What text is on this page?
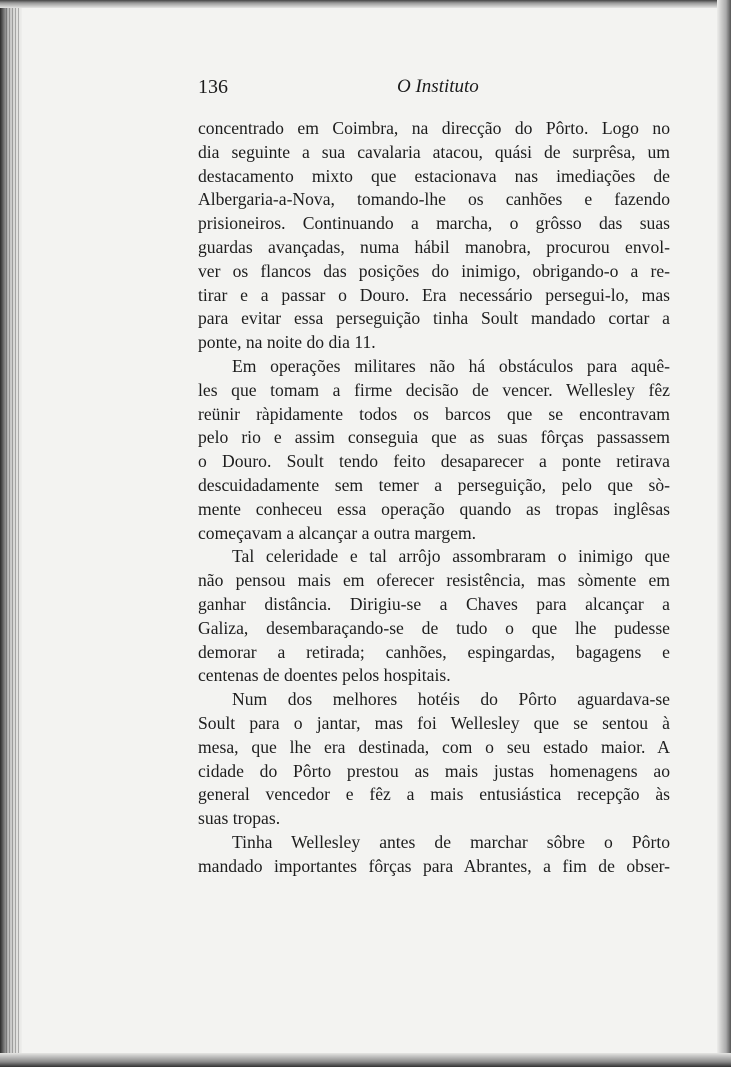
136	O Instituto
concentrado em Coimbra, na direcção do Pôrto. Logo no
dia seguinte a sua cavalaria atacou, quási de surprêsa, um
destacamento mixto que estacionava nas imediações de
Albergaria-a-Nova, tomando-lhe os canhões e fazendo
prisioneiros. Continuando a marcha, o grôsso das suas
guardas avançadas, numa hábil manobra, procurou envol-
ver os flancos das posições do inimigo, obrigando-o a re-
tirar e a passar o Douro. Era necessário persegui-lo, mas
para evitar essa perseguição tinha Soult mandado cortar a
ponte, na noite do dia 11.
Em operações militares não há obstáculos para aquê-
les que tomam a firme decisão de vencer. Wellesley fêz
reünir ràpidamente todos os barcos que se encontravam
pelo rio e assim conseguia que as suas fôrças passassem
o Douro. Soult tendo feito desaparecer a ponte retirava
descuidadamente sem temer a perseguição, pelo que sò-
mente conheceu essa operação quando as tropas inglêsas
começavam a alcançar a outra margem.
Tal celeridade e tal arrôjo assombraram o inimigo que
não pensou mais em oferecer resistência, mas sòmente em
ganhar distância. Dirigiu-se a Chaves para alcançar a
Galiza, desembaraçando-se de tudo o que lhe pudesse
demorar a retirada; canhões, espingardas, bagagens e
centenas de doentes pelos hospitais.
Num dos melhores hotéis do Pôrto aguardava-se
Soult para o jantar, mas foi Wellesley que se sentou à
mesa, que lhe era destinada, com o seu estado maior. A
cidade do Pôrto prestou as mais justas homenagens ao
general vencedor e fêz a mais entusiástica recepção às
suas tropas.
Tinha Wellesley antes de marchar sôbre o Pôrto
mandado importantes fôrças para Abrantes, a fim de obser-
